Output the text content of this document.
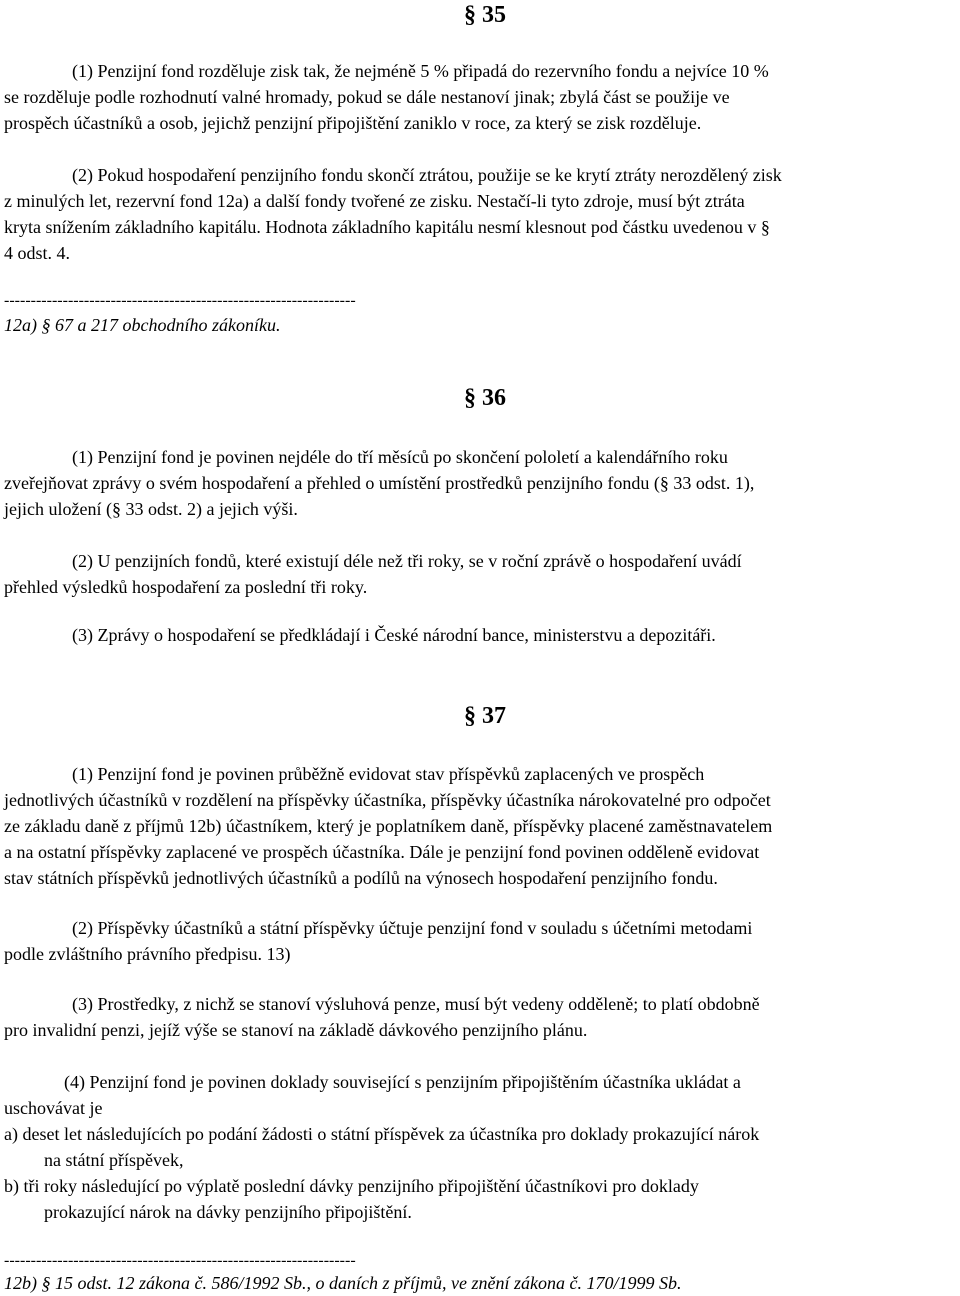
§ 35
(1) Penzijní fond rozděluje zisk tak, že nejméně 5 % připadá do rezervního fondu a nejvíce 10 %
se rozděluje podle rozhodnutí valné hromady, pokud se dále nestanoví jinak; zbylá část se použije ve
prospěch účastníků a osob, jejichž penzijní připojištění zaniklo v roce, za který se zisk rozděluje.
(2) Pokud hospodaření penzijního fondu skončí ztrátou, použije se ke krytí ztráty nerozdělený zisk
z minulých let, rezervní fond 12a) a další fondy tvořené ze zisku. Nestačí-li tyto zdroje, musí být ztráta
kryta snížením základního kapitálu. Hodnota základního kapitálu nesmí klesnout pod částku uvedenou v §
4 odst. 4.
------------------------------------------------------------------
12a) § 67 a 217 obchodního zákoníku.
§ 36
(1) Penzijní fond je povinen nejdéle do tří měsíců po skončení pololetí a kalendářního roku
zveřejňovat zprávy o svém hospodaření a přehled o umístění prostředků penzijního fondu (§ 33 odst. 1),
jejich uložení (§ 33 odst. 2) a jejich výši.
(2) U penzijních fondů, které existují déle než tři roky, se v roční zprávě o hospodaření uvádí
přehled výsledků hospodaření za poslední tři roky.
(3) Zprávy o hospodaření se předkládají i České národní bance, ministerstvu a depozitáři.
§ 37
(1) Penzijní fond je povinen průběžně evidovat stav příspěvků zaplacených ve prospěch
jednotlivých účastníků v rozdělení na příspěvky účastníka, příspěvky účastníka nárokovatelné pro odpočet
ze základu daně z příjmů 12b) účastníkem, který je poplatníkem daně, příspěvky placené zaměstnavatelem
a na ostatní příspěvky zaplacené ve prospěch účastníka. Dále je penzijní fond povinen odděleně evidovat
stav státních příspěvků jednotlivých účastníků a podílů na výnosech hospodaření penzijního fondu.
(2) Příspěvky účastníků a státní příspěvky účtuje penzijní fond v souladu s účetními metodami
podle zvláštního právního předpisu. 13)
(3) Prostředky, z nichž se stanoví výsluhová penze, musí být vedeny odděleně; to platí obdobně
pro invalidní penzi, jejíž výše se stanoví na základě dávkového penzijního plánu.
(4) Penzijní fond je povinen doklady související s penzijním připojištěním účastníka ukládat a
uschovávat je
a) deset let následujících po podání žádosti o státní příspěvek za účastníka pro doklady prokazující nárok
na státní příspěvek,
b) tři roky následující po výplatě poslední dávky penzijního připojištění účastníkovi pro doklady
prokazující nárok na dávky penzijního připojištění.
------------------------------------------------------------------
12b) § 15 odst. 12 zákona č. 586/1992 Sb., o daních z příjmů, ve znění zákona č. 170/1999 Sb.
